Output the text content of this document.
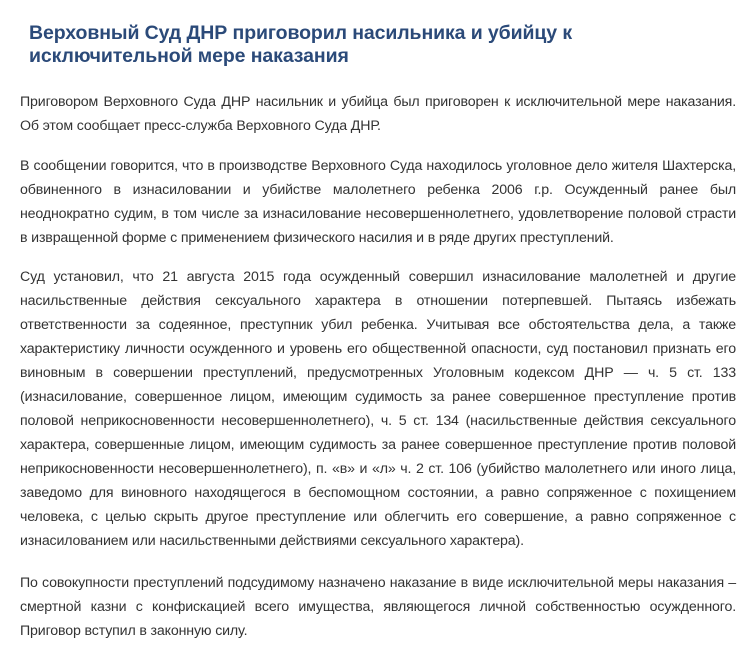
Верховный Суд ДНР приговорил насильника и убийцу к исключительной мере наказания

Приговором Верховного Суда ДНР насильник и убийца был приговорен к исключительной мере наказания. Об этом сообщает пресс-служба Верховного Суда ДНР.

В сообщении говорится, что в производстве Верховного Суда находилось уголовное дело жителя Шахтерска, обвиненного в изнасиловании и убийстве малолетнего ребенка 2006 г.р. Осужденный ранее был неоднократно судим, в том числе за изнасилование несовершеннолетнего, удовлетворение половой страсти в извращенной форме с применением физического насилия и в ряде других преступлений.

Суд установил, что 21 августа 2015 года осужденный совершил изнасилование малолетней и другие насильственные действия сексуального характера в отношении потерпевшей. Пытаясь избежать ответственности за содеянное, преступник убил ребенка. Учитывая все обстоятельства дела, а также характеристику личности осужденного и уровень его общественной опасности, суд постановил признать его виновным в совершении преступлений, предусмотренных Уголовным кодексом ДНР — ч. 5 ст. 133 (изнасилование, совершенное лицом, имеющим судимость за ранее совершенное преступление против половой неприкосновенности несовершеннолетнего), ч. 5 ст. 134 (насильственные действия сексуального характера, совершенные лицом, имеющим судимость за ранее совершенное преступление против половой неприкосновенности несовершеннолетнего), п. «в» и «л» ч. 2 ст. 106 (убийство малолетнего или иного лица, заведомо для виновного находящегося в беспомощном состоянии, а равно сопряженное с похищением человека, с целью скрыть другое преступление или облегчить его совершение, а равно сопряженное с изнасилованием или насильственными действиями сексуального характера).

По совокупности преступлений подсудимому назначено наказание в виде исключительной меры наказания – смертной казни с конфискацией всего имущества, являющегося личной собственностью осужденного. Приговор вступил в законную силу.
